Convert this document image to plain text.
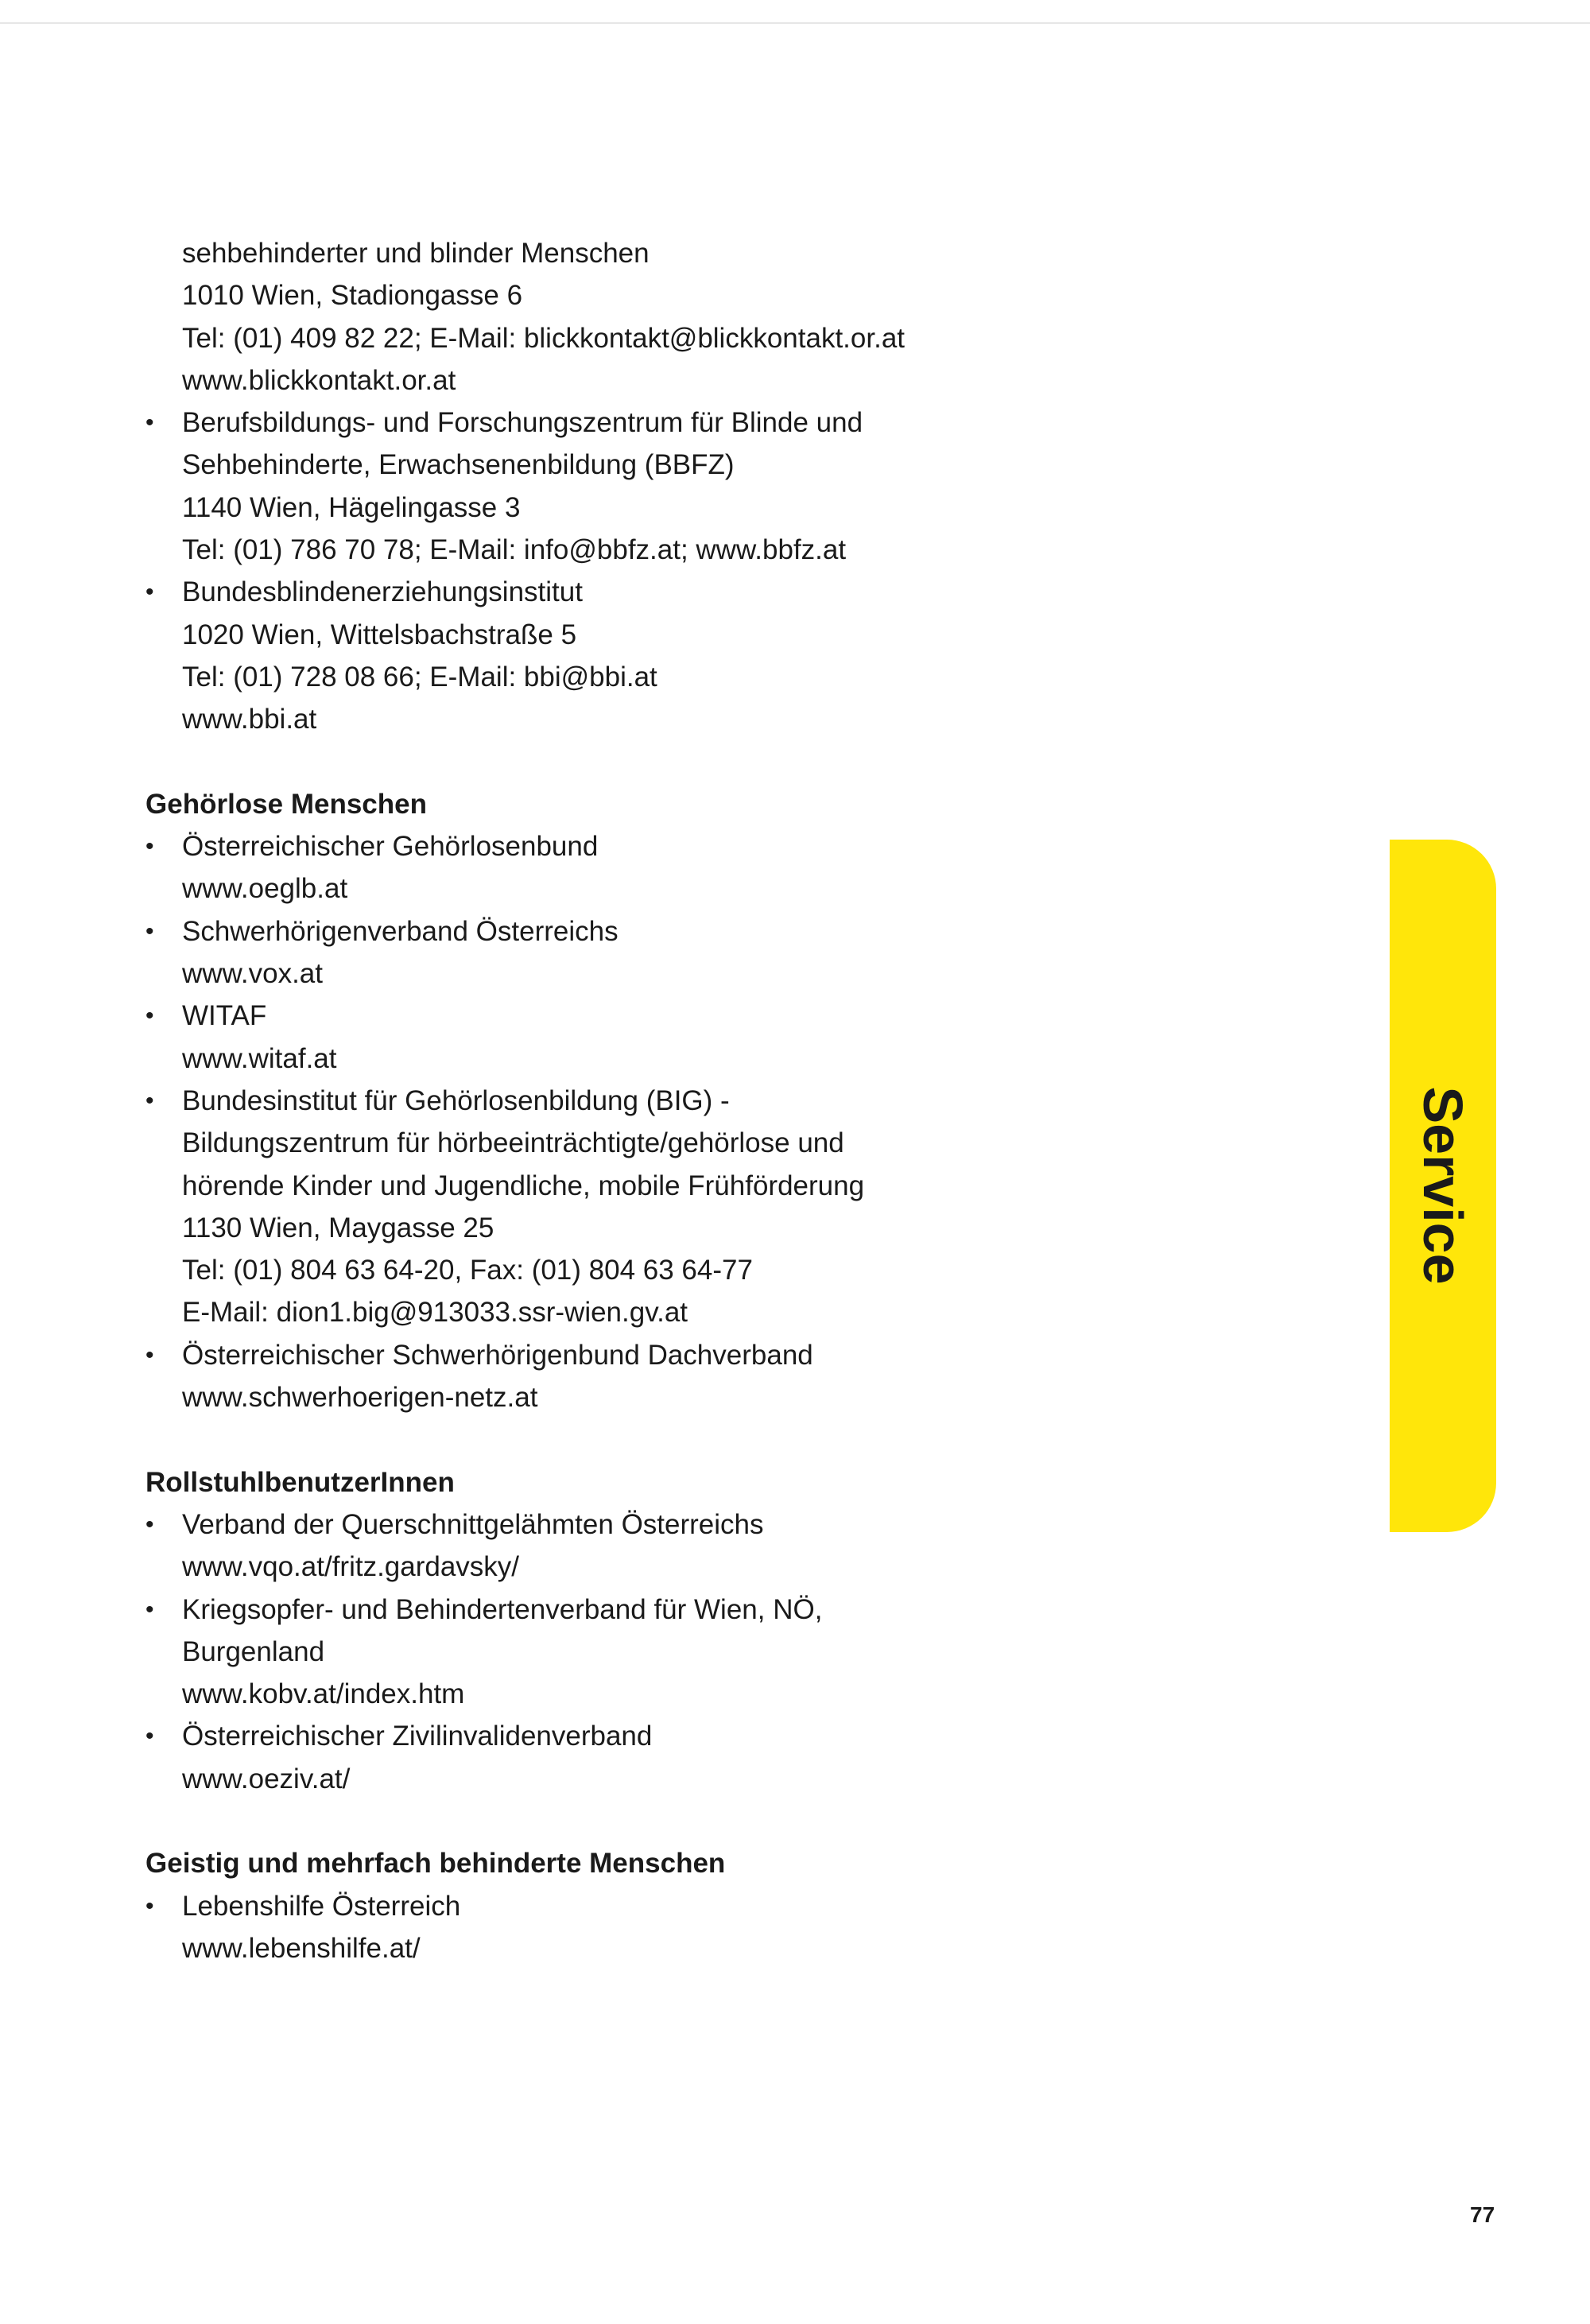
sehbehinderter und blinder Menschen
1010 Wien, Stadiongasse 6
Tel: (01) 409 82 22; E-Mail: blickkontakt@blickkontakt.or.at
www.blickkontakt.or.at
• Berufsbildungs- und Forschungszentrum für Blinde und
Sehbehinderte, Erwachsenenbildung (BBFZ)
1140 Wien, Hägelingasse 3
Tel: (01) 786 70 78; E-Mail: info@bbfz.at; www.bbfz.at
• Bundesblindenerziehungsinstitut
1020 Wien, Wittelsbachstraße 5
Tel: (01) 728 08 66; E-Mail: bbi@bbi.at
www.bbi.at
Gehörlose Menschen
• Österreichischer Gehörlosenbund
www.oeglb.at
• Schwerhörigenverband Österreichs
www.vox.at
• WITAF
www.witaf.at
• Bundesinstitut für Gehörlosenbildung (BIG) -
Bildungszentrum für hörbeeinträchtigte/gehörlose und
hörende Kinder und Jugendliche, mobile Frühförderung
1130 Wien, Maygasse 25
Tel: (01) 804 63 64-20, Fax: (01) 804 63 64-77
E-Mail: dion1.big@913033.ssr-wien.gv.at
• Österreichischer Schwerhörigenbund Dachverband
www.schwerhoerigen-netz.at
RollstuhlbenutzerInnen
• Verband der Querschnittgelähmten Österreichs
www.vqo.at/fritz.gardavsky/
• Kriegsopfer- und Behindertenverband für Wien, NÖ,
Burgenland
www.kobv.at/index.htm
• Österreichischer Zivilinvalidenverband
www.oeziv.at/
Geistig und mehrfach behinderte Menschen
• Lebenshilfe Österreich
www.lebenshilfe.at/
Service
77
